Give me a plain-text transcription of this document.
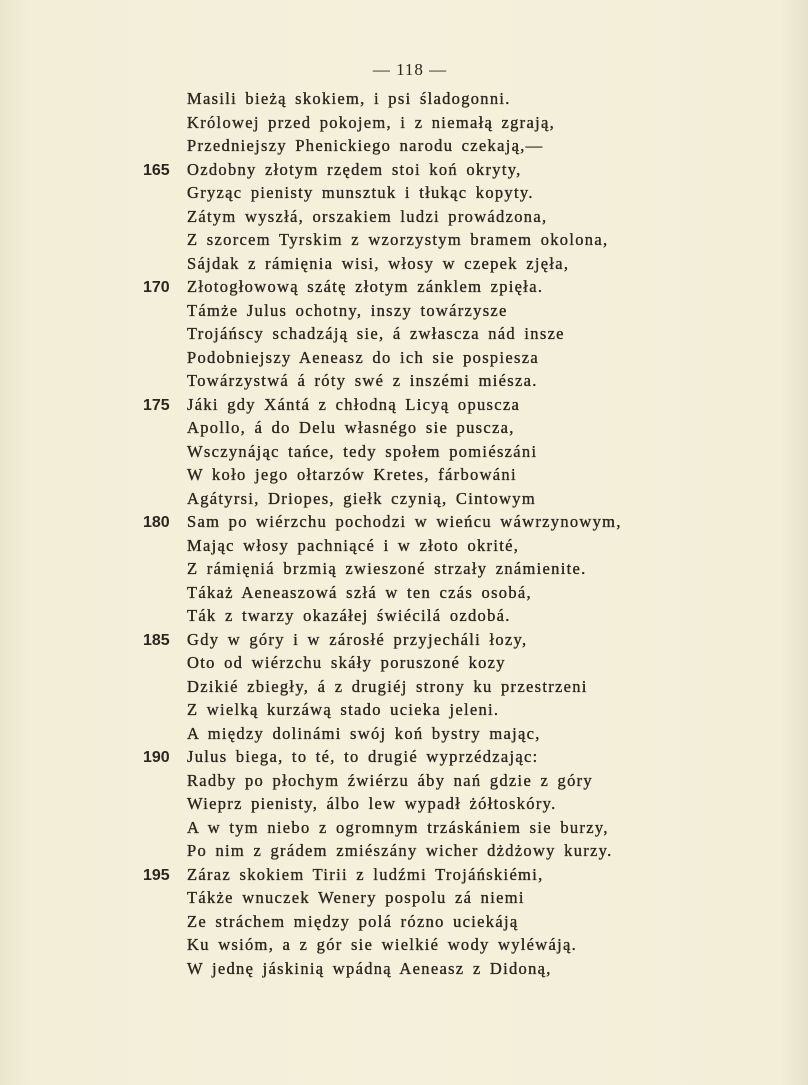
— 118 —
Masili bieżą skokiem, i psi śladogonni.
Królowej przed pokojem, i z niemałą zgrają,
Przedniejszy Phenickiego narodu czekają,—
165 Ozdobny złotym rzędem stoi koń okryty,
Gryząc pienisty munsztuk i tłukąc kopyty.
Zátym wyszłá, orszakiem ludzi prowádzona,
Z szorcem Tyrskim z wzorzystym bramem okolona,
Sájdak z rámięnia wisi, włosy w czepek zjęła,
170 Złotogłowową szátę złotym zánklem zpięła.
Támże Julus ochotny, inszy towárzysze
Trojáńscy schadzáją sie, á zwłascza nád insze
Podobniejszy Aeneasz do ich sie pospiesza
Towárzystwá á róty swé z inszémi miésza.
175 Jáki gdy Xántá z chłodną Licyą opuscza
Apollo, á do Delu własnégo sie puscza,
Wsczynájąc tańce, tedy społem pomiészáni
W koło jego ołtarzów Kretes, fárbowáni
Agátyrsi, Driopes, giełk czynią, Cintowym
180 Sam po wiérzchu pochodzi w wieńcu wáwrzynowym,
Mając włosy pachniącé i w złoto okrité,
Z rámięniá brzmią zwieszoné strzały známienite.
Tákaż Aeneaszowá szłá w ten czás osobá,
Ták z twarzy okazáłej świécilá ozdobá.
185 Gdy w góry i w zárosłé przyjecháli łozy,
Oto od wiérzchu skáły poruszoné kozy
Dzikié zbiegły, á z drugiéj strony ku przestrzeni
Z wielką kurzáwą stado ucieka jeleni.
A między dolinámi swój koń bystry mając,
190 Julus biega, to té, to drugié wyprzédzając:
Radby po płochym źwiérzu áby nań gdzie z góry
Wieprz pienisty, álbo lew wypadł żółtoskóry.
A w tym niebo z ogromnym trzáskániem sie burzy,
Po nim z grádem zmiészány wicher dżdżowy kurzy.
195 Záraz skokiem Tirii z ludźmi Trojáńskiémi,
Tákże wnuczek Wenery pospolu zá niemi
Ze stráchem między polá rózno uciekáją
Ku wsióm, a z gór sie wielkié wody wyléwáją.
W jednę jáskinią wpádną Aeneasz z Didoną,
